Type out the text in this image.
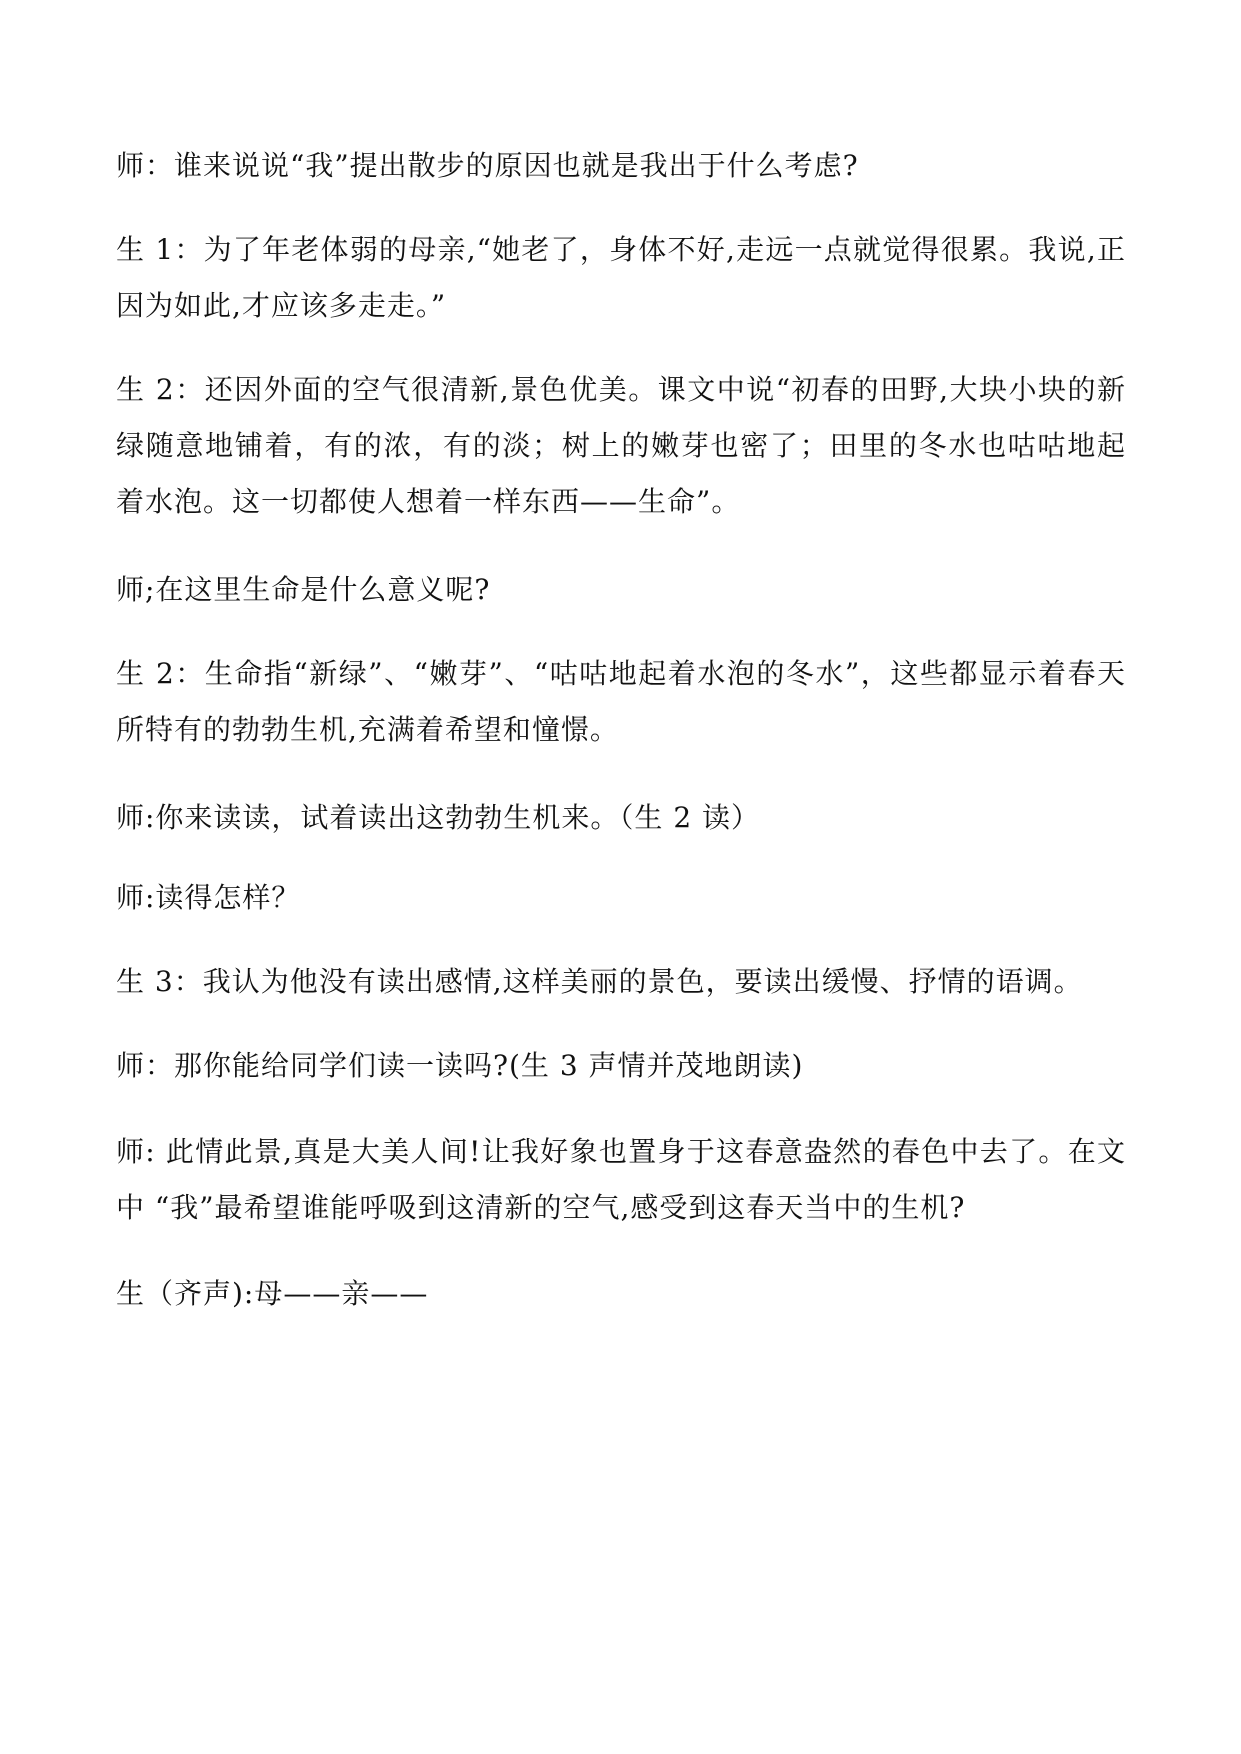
师：谁来说说“我”提出散步的原因也就是我出于什么考虑?

生 1：为了年老体弱的母亲,“她老了，身体不好,走远一点就觉得很累。我说,正因为如此,才应该多走走。”

生 2：还因外面的空气很清新,景色优美。课文中说“初春的田野,大块小块的新绿随意地铺着，有的浓，有的淡；树上的嫩芽也密了；田里的冬水也咕咕地起着水泡。这一切都使人想着一样东西——生命”。

师;在这里生命是什么意义呢?

生 2：生命指“新绿”、“嫩芽”、“咕咕地起着水泡的冬水”，这些都显示着春天所特有的勃勃生机,充满着希望和憧憬。

师:你来读读，试着读出这勃勃生机来。（生 2 读）

师:读得怎样？

生 3：我认为他没有读出感情,这样美丽的景色，要读出缓慢、抒情的语调。

师：那你能给同学们读一读吗?(生 3 声情并茂地朗读)

师: 此情此景,真是大美人间!让我好象也置身于这春意盎然的春色中去了。在文中 “我”最希望谁能呼吸到这清新的空气,感受到这春天当中的生机?

生（齐声):母——亲——
